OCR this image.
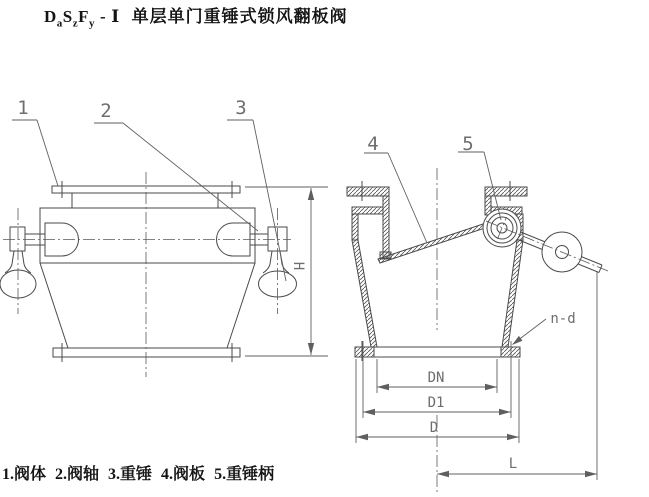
$D_aS_zF_y$ - Ⅰ 单层单门重锤式锁风翻板阀
H
1	2	3
4	5
n-d
DN
D1
D
L
1.阀体 2.阀轴 3.重锤 4.阀板 5.重锤柄
